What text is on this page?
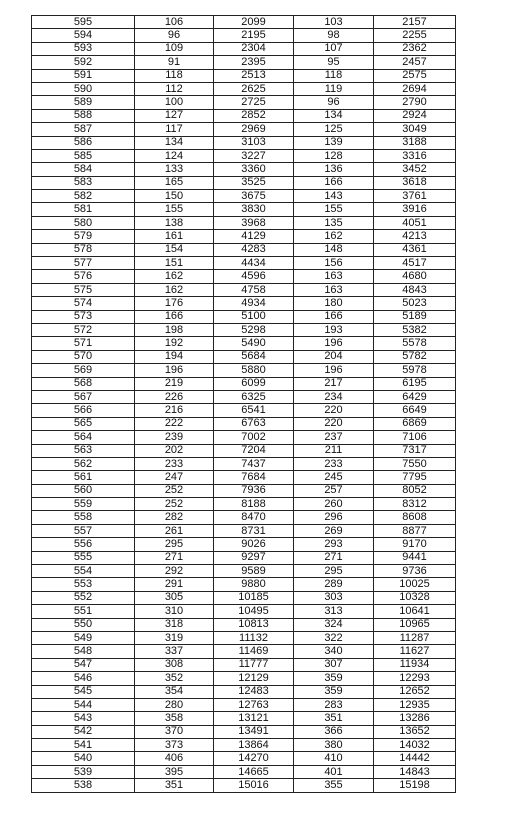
595	106	2099	103	2157
594	96	2195	98	2255
593	109	2304	107	2362
592	91	2395	95	2457
591	118	2513	118	2575
590	112	2625	119	2694
589	100	2725	96	2790
588	127	2852	134	2924
587	117	2969	125	3049
586	134	3103	139	3188
585	124	3227	128	3316
584	133	3360	136	3452
583	165	3525	166	3618
582	150	3675	143	3761
581	155	3830	155	3916
580	138	3968	135	4051
579	161	4129	162	4213
578	154	4283	148	4361
577	151	4434	156	4517
576	162	4596	163	4680
575	162	4758	163	4843
574	176	4934	180	5023
573	166	5100	166	5189
572	198	5298	193	5382
571	192	5490	196	5578
570	194	5684	204	5782
569	196	5880	196	5978
568	219	6099	217	6195
567	226	6325	234	6429
566	216	6541	220	6649
565	222	6763	220	6869
564	239	7002	237	7106
563	202	7204	211	7317
562	233	7437	233	7550
561	247	7684	245	7795
560	252	7936	257	8052
559	252	8188	260	8312
558	282	8470	296	8608
557	261	8731	269	8877
556	295	9026	293	9170
555	271	9297	271	9441
554	292	9589	295	9736
553	291	9880	289	10025
552	305	10185	303	10328
551	310	10495	313	10641
550	318	10813	324	10965
549	319	11132	322	11287
548	337	11469	340	11627
547	308	11777	307	11934
546	352	12129	359	12293
545	354	12483	359	12652
544	280	12763	283	12935
543	358	13121	351	13286
542	370	13491	366	13652
541	373	13864	380	14032
540	406	14270	410	14442
539	395	14665	401	14843
538	351	15016	355	15198
